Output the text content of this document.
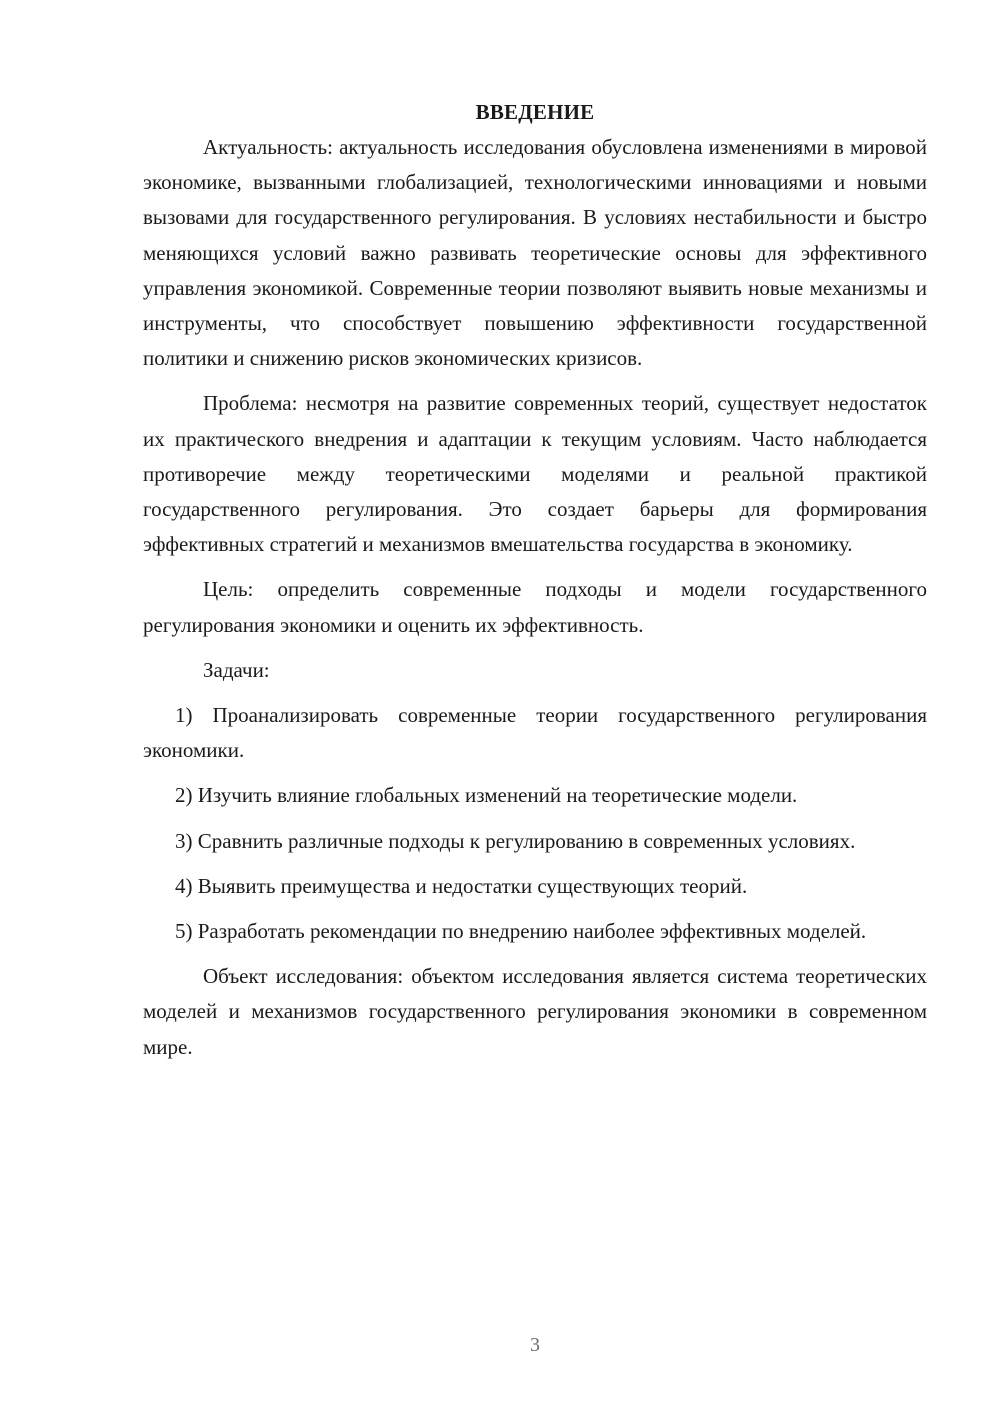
ВВЕДЕНИЕ

Актуальность: актуальность исследования обусловлена изменениями в мировой экономике, вызванными глобализацией, технологическими инновациями и новыми вызовами для государственного регулирования. В условиях нестабильности и быстро меняющихся условий важно развивать теоретические основы для эффективного управления экономикой. Современные теории позволяют выявить новые механизмы и инструменты, что способствует повышению эффективности государственной политики и снижению рисков экономических кризисов.

Проблема: несмотря на развитие современных теорий, существует недостаток их практического внедрения и адаптации к текущим условиям. Часто наблюдается противоречие между теоретическими моделями и реальной практикой государственного регулирования. Это создает барьеры для формирования эффективных стратегий и механизмов вмешательства государства в экономику.

Цель: определить современные подходы и модели государственного регулирования экономики и оценить их эффективность.

Задачи:

1) Проанализировать современные теории государственного регулирования экономики.

2) Изучить влияние глобальных изменений на теоретические модели.

3) Сравнить различные подходы к регулированию в современных условиях.

4) Выявить преимущества и недостатки существующих теорий.

5) Разработать рекомендации по внедрению наиболее эффективных моделей.

Объект исследования: объектом исследования является система теоретических моделей и механизмов государственного регулирования экономики в современном мире.

3
